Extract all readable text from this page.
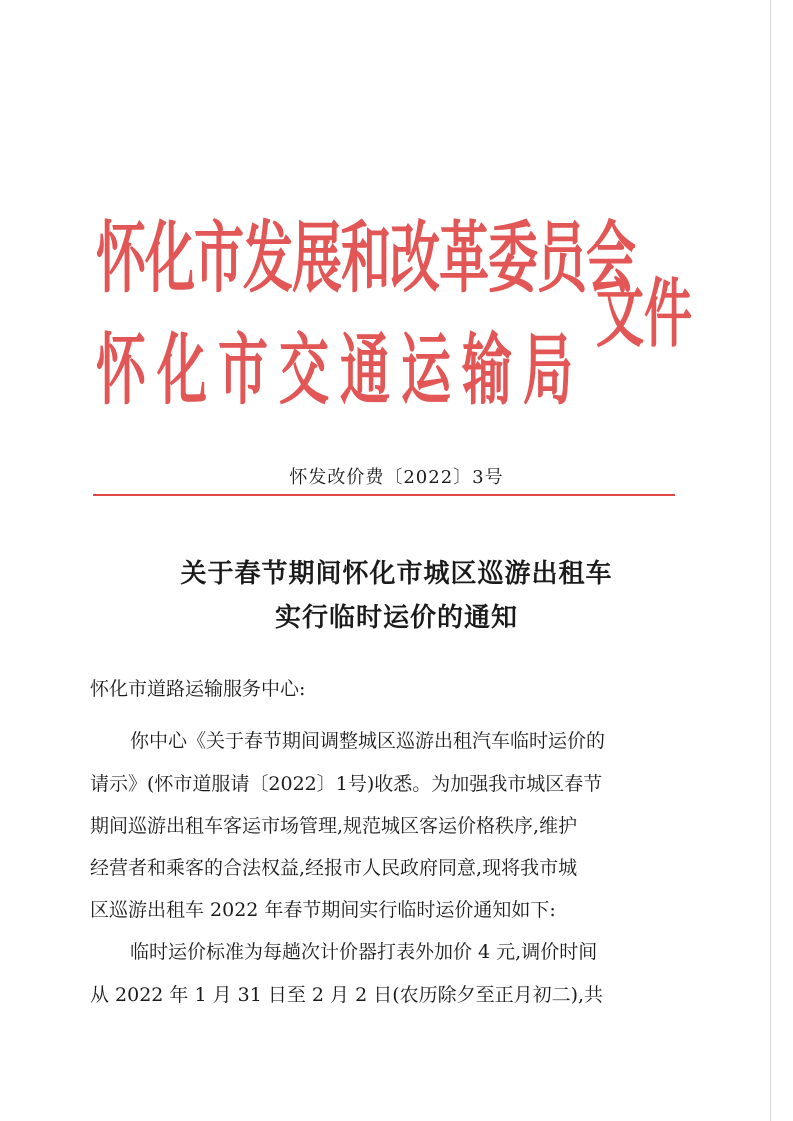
怀化市发展和改革委员会
怀化市交通运输局
文件
怀发改价费〔2022〕3号
关于春节期间怀化市城区巡游出租车
实行临时运价的通知
怀化市道路运输服务中心:
你中心《关于春节期间调整城区巡游出租汽车临时运价的
请示》(怀市道服请〔2022〕1号)收悉。为加强我市城区春节
期间巡游出租车客运市场管理,规范城区客运价格秩序,维护
经营者和乘客的合法权益,经报市人民政府同意,现将我市城
区巡游出租车 2022 年春节期间实行临时运价通知如下:
临时运价标准为每趟次计价器打表外加价 4 元,调价时间
从 2022 年 1 月 31 日至 2 月 2 日(农历除夕至正月初二),共
